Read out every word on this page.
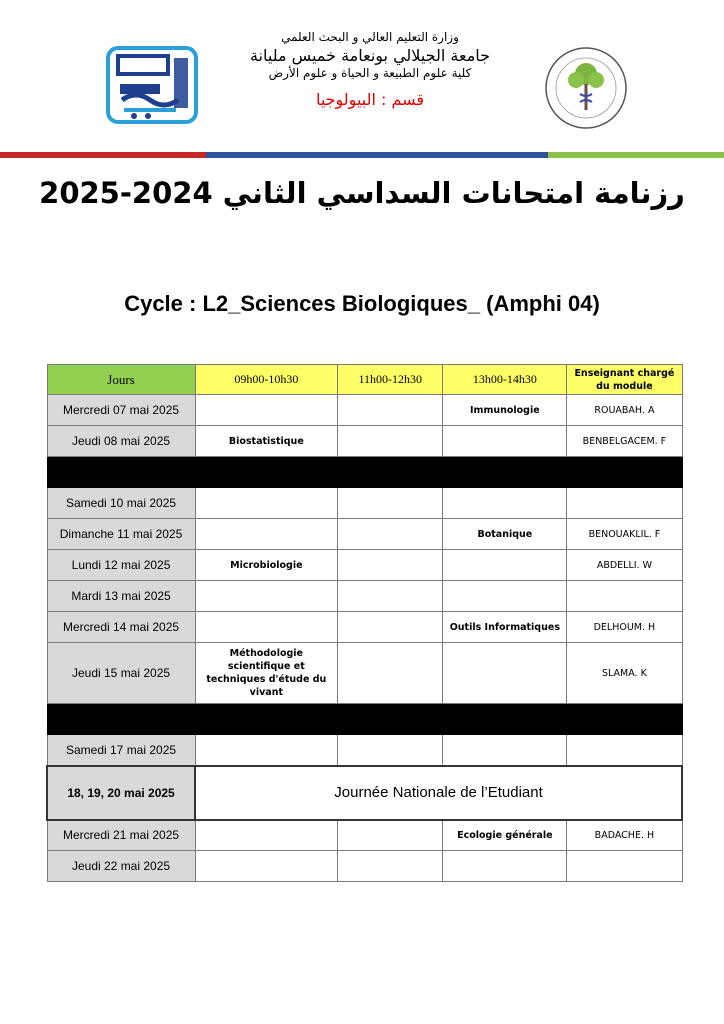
وزارة التعليم العالي و البحث العلمي
جامعة الجيلالي بونعامة خميس مليانة
كلية علوم الطبيعة و الحياة و علوم الأرض
قسم : البيولوجيا
رزنامة امتحانات السداسي الثاني 2024-2025
Cycle : L2_Sciences Biologiques_ (Amphi 04)
Jours	09h00-10h30	11h00-12h30	13h00-14h30	Enseignant chargé du module
Mercredi 07 mai 2025			Immunologie	ROUABAH. A
Jeudi 08 mai 2025	Biostatistique			BENBELGACEM. F

Samedi 10 mai 2025				
Dimanche 11 mai 2025			Botanique	BENOUAKLIL. F
Lundi 12 mai 2025	Microbiologie			ABDELLI. W
Mardi 13 mai 2025				
Mercredi 14 mai 2025			Outils Informatiques	DELHOUM. H
Jeudi 15 mai 2025	Méthodologie scientifique et techniques d'étude du vivant			SLAMA. K

Samedi 17 mai 2025				
18, 19, 20 mai 2025	Journée Nationale de l’Etudiant			
Mercredi 21 mai 2025			Ecologie générale	BADACHE. H
Jeudi 22 mai 2025				
